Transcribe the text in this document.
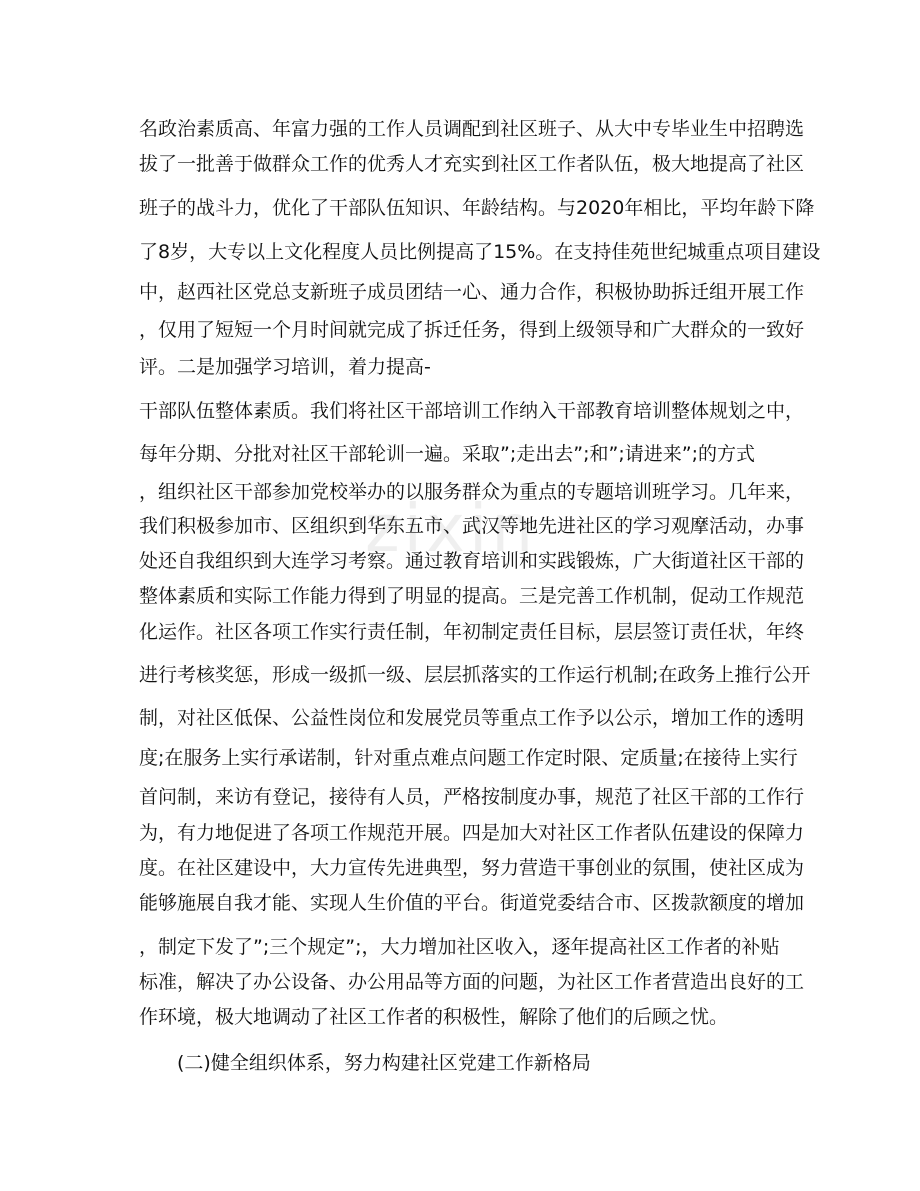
zixin
名政治素质高、年富力强的工作人员调配到社区班子、从大中专毕业生中招聘选
拔了一批善于做群众工作的优秀人才充实到社区工作者队伍，极大地提高了社区
班子的战斗力，优化了干部队伍知识、年龄结构。与2020年相比，平均年龄下降
了8岁，大专以上文化程度人员比例提高了15%。在支持佳苑世纪城重点项目建设
中，赵西社区党总支新班子成员团结一心、通力合作，积极协助拆迁组开展工作
，仅用了短短一个月时间就完成了拆迁任务，得到上级领导和广大群众的一致好
评。二是加强学习培训，着力提高-
干部队伍整体素质。我们将社区干部培训工作纳入干部教育培训整体规划之中，
每年分期、分批对社区干部轮训一遍。采取”;走出去”;和”;请进来”;的方式
，组织社区干部参加党校举办的以服务群众为重点的专题培训班学习。几年来，
我们积极参加市、区组织到华东五市、武汉等地先进社区的学习观摩活动，办事
处还自我组织到大连学习考察。通过教育培训和实践锻炼，广大街道社区干部的
整体素质和实际工作能力得到了明显的提高。三是完善工作机制，促动工作规范
化运作。社区各项工作实行责任制，年初制定责任目标，层层签订责任状，年终
进行考核奖惩，形成一级抓一级、层层抓落实的工作运行机制;在政务上推行公开
制，对社区低保、公益性岗位和发展党员等重点工作予以公示，增加工作的透明
度;在服务上实行承诺制，针对重点难点问题工作定时限、定质量;在接待上实行
首问制，来访有登记，接待有人员，严格按制度办事，规范了社区干部的工作行
为，有力地促进了各项工作规范开展。四是加大对社区工作者队伍建设的保障力
度。在社区建设中，大力宣传先进典型，努力营造干事创业的氛围，使社区成为
能够施展自我才能、实现人生价值的平台。街道党委结合市、区拨款额度的增加
，制定下发了”;三个规定”;，大力增加社区收入，逐年提高社区工作者的补贴
标准，解决了办公设备、办公用品等方面的问题，为社区工作者营造出良好的工
作环境，极大地调动了社区工作者的积极性，解除了他们的后顾之忧。
(二)健全组织体系，努力构建社区党建工作新格局
